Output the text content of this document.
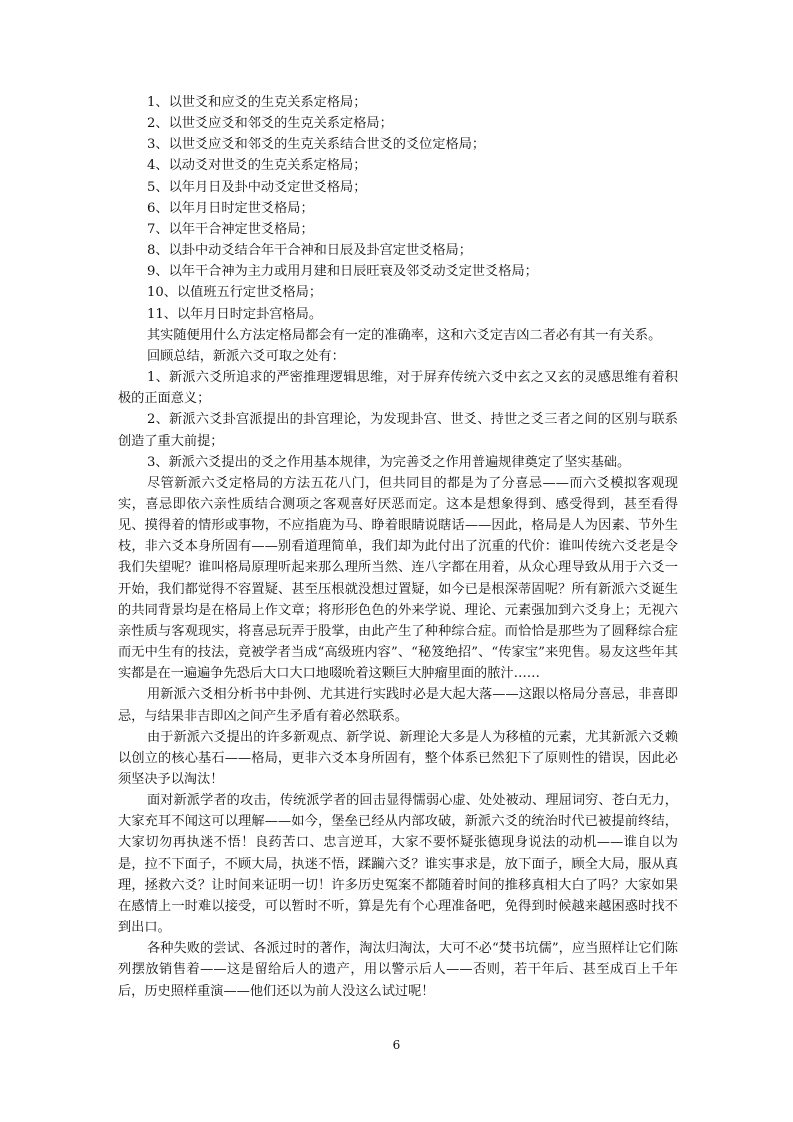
1、以世爻和应爻的生克关系定格局；

2、以世爻应爻和邻爻的生克关系定格局；

3、以世爻应爻和邻爻的生克关系结合世爻的爻位定格局；

4、以动爻对世爻的生克关系定格局；

5、以年月日及卦中动爻定世爻格局；

6、以年月日时定世爻格局；

7、以年干合神定世爻格局；

8、以卦中动爻结合年干合神和日辰及卦宫定世爻格局；

9、以年干合神为主力或用月建和日辰旺衰及邻爻动爻定世爻格局；

10、以值班五行定世爻格局；

11、以年月日时定卦宫格局。

其实随便用什么方法定格局都会有一定的准确率，这和六爻定吉凶二者必有其一有关系。

回顾总结，新派六爻可取之处有：

1、新派六爻所追求的严密推理逻辑思维，对于屏弃传统六爻中玄之又玄的灵感思维有着积极的正面意义；

2、新派六爻卦宫派提出的卦宫理论，为发现卦宫、世爻、持世之爻三者之间的区别与联系创造了重大前提；

3、新派六爻提出的爻之作用基本规律，为完善爻之作用普遍规律奠定了坚实基础。

尽管新派六爻定格局的方法五花八门，但共同目的都是为了分喜忌——而六爻模拟客观现实，喜忌即依六亲性质结合测项之客观喜好厌恶而定。这本是想象得到、感受得到，甚至看得见、摸得着的情形或事物，不应指鹿为马、睁着眼睛说瞎话——因此，格局是人为因素、节外生枝，非六爻本身所固有——别看道理简单，我们却为此付出了沉重的代价：谁叫传统六爻老是令我们失望呢？谁叫格局原理听起来那么理所当然、连八字都在用着，从众心理导致从用于六爻一开始，我们都觉得不容置疑、甚至压根就没想过置疑，如今已是根深蒂固呢？所有新派六爻诞生的共同背景均是在格局上作文章；将形形色色的外来学说、理论、元素强加到六爻身上；无视六亲性质与客观现实，将喜忌玩弄于股掌，由此产生了种种综合症。而恰恰是那些为了圆释综合症而无中生有的技法，竟被学者当成“高级班内容”、“秘笈绝招”、“传家宝”来兜售。易友这些年其实都是在一遍遍争先恐后大口大口地啜吮着这颗巨大肿瘤里面的脓汁……

用新派六爻相分析书中卦例、尤其进行实践时必是大起大落——这跟以格局分喜忌，非喜即忌，与结果非吉即凶之间产生矛盾有着必然联系。

由于新派六爻提出的许多新观点、新学说、新理论大多是人为移植的元素，尤其新派六爻赖以创立的核心基石——格局，更非六爻本身所固有，整个体系已然犯下了原则性的错误，因此必须坚决予以淘汰！

面对新派学者的攻击，传统派学者的回击显得懦弱心虚、处处被动、理屈词穷、苍白无力，大家充耳不闻这可以理解——如今，堡垒已经从内部攻破，新派六爻的统治时代已被提前终结，大家切勿再执迷不悟！良药苦口、忠言逆耳，大家不要怀疑张德现身说法的动机——谁自以为是，拉不下面子，不顾大局，执迷不悟，蹂躏六爻？谁实事求是，放下面子，顾全大局，服从真理，拯救六爻？让时间来证明一切！许多历史冤案不都随着时间的推移真相大白了吗？大家如果在感情上一时难以接受，可以暂时不听，算是先有个心理准备吧，免得到时候越来越困惑时找不到出口。

各种失败的尝试、各派过时的著作，淘汰归淘汰，大可不必“焚书坑儒”，应当照样让它们陈列摆放销售着——这是留给后人的遗产，用以警示后人——否则，若干年后、甚至成百上千年后，历史照样重演——他们还以为前人没这么试过呢！

6
